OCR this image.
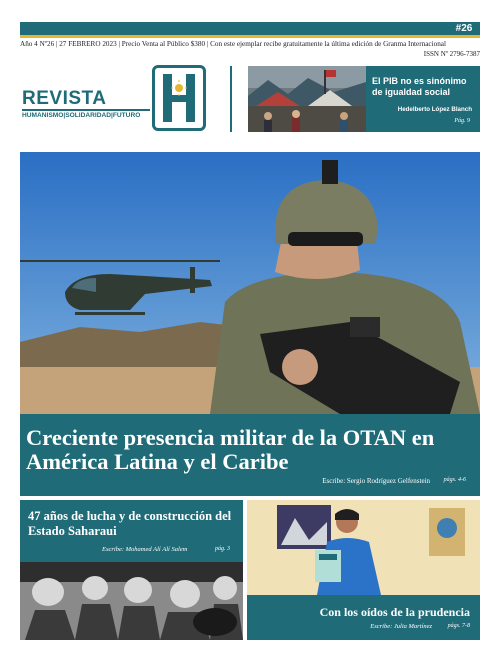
#26
Año 4 Nº26 | 27 FEBRERO 2023 | Precio Venta al Público $380 | Con este ejemplar recibe gratuitamente la última edición de Granma Internacional
ISSN Nº 2796-7387
REVISTA
HUMANISMO|SOLIDARIDAD|FUTURO
El PIB no es sinónimo de igualdad social
Hedelberto López Blanch
Pág. 9
Creciente presencia militar de la OTAN en América Latina y el Caribe
Escribe: Sergio Rodríguez Gelfenstein págs. 4-6
47 años de lucha y de construcción del Estado Saharaui
Escribe: Mohamed Alí Alí Salem	pág. 3
Con los oídos de la prudencia
Escribe: Julia Martínez	págs. 7-8
